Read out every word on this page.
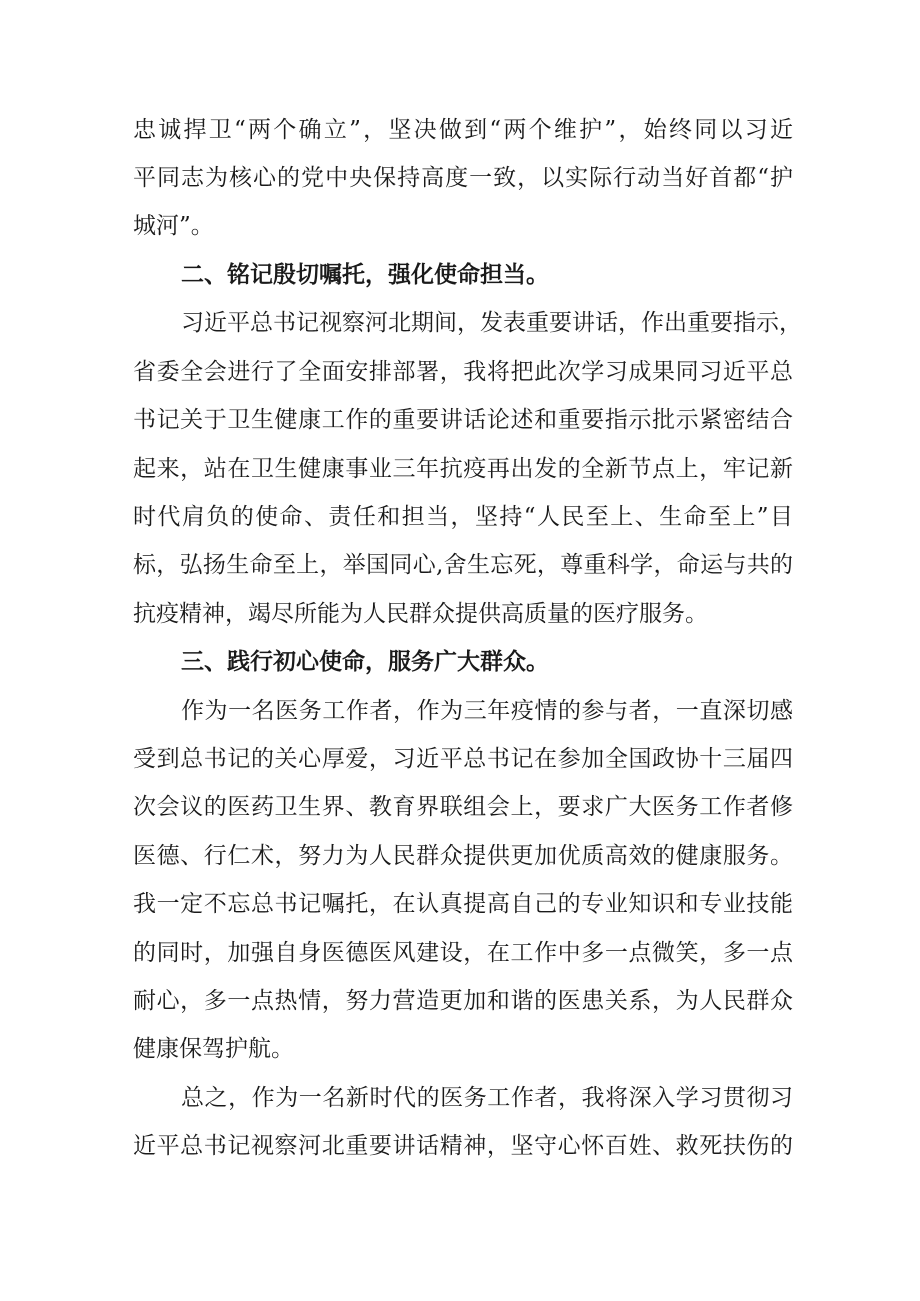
忠诚捍卫“两个确立”，坚决做到“两个维护”，始终同以习近
平同志为核心的党中央保持高度一致，以实际行动当好首都“护
城河”。
二、铭记殷切嘱托，强化使命担当。
习近平总书记视察河北期间，发表重要讲话，作出重要指示，
省委全会进行了全面安排部署，我将把此次学习成果同习近平总
书记关于卫生健康工作的重要讲话论述和重要指示批示紧密结合
起来，站在卫生健康事业三年抗疫再出发的全新节点上，牢记新
时代肩负的使命、责任和担当，坚持“人民至上、生命至上”目
标，弘扬生命至上，举国同心,舍生忘死，尊重科学，命运与共的
抗疫精神，竭尽所能为人民群众提供高质量的医疗服务。
三、践行初心使命，服务广大群众。
作为一名医务工作者，作为三年疫情的参与者，一直深切感
受到总书记的关心厚爱，习近平总书记在参加全国政协十三届四
次会议的医药卫生界、教育界联组会上，要求广大医务工作者修
医德、行仁术，努力为人民群众提供更加优质高效的健康服务。
我一定不忘总书记嘱托，在认真提高自己的专业知识和专业技能
的同时，加强自身医德医风建设，在工作中多一点微笑，多一点
耐心，多一点热情，努力营造更加和谐的医患关系，为人民群众
健康保驾护航。
总之，作为一名新时代的医务工作者，我将深入学习贯彻习
近平总书记视察河北重要讲话精神，坚守心怀百姓、救死扶伤的
